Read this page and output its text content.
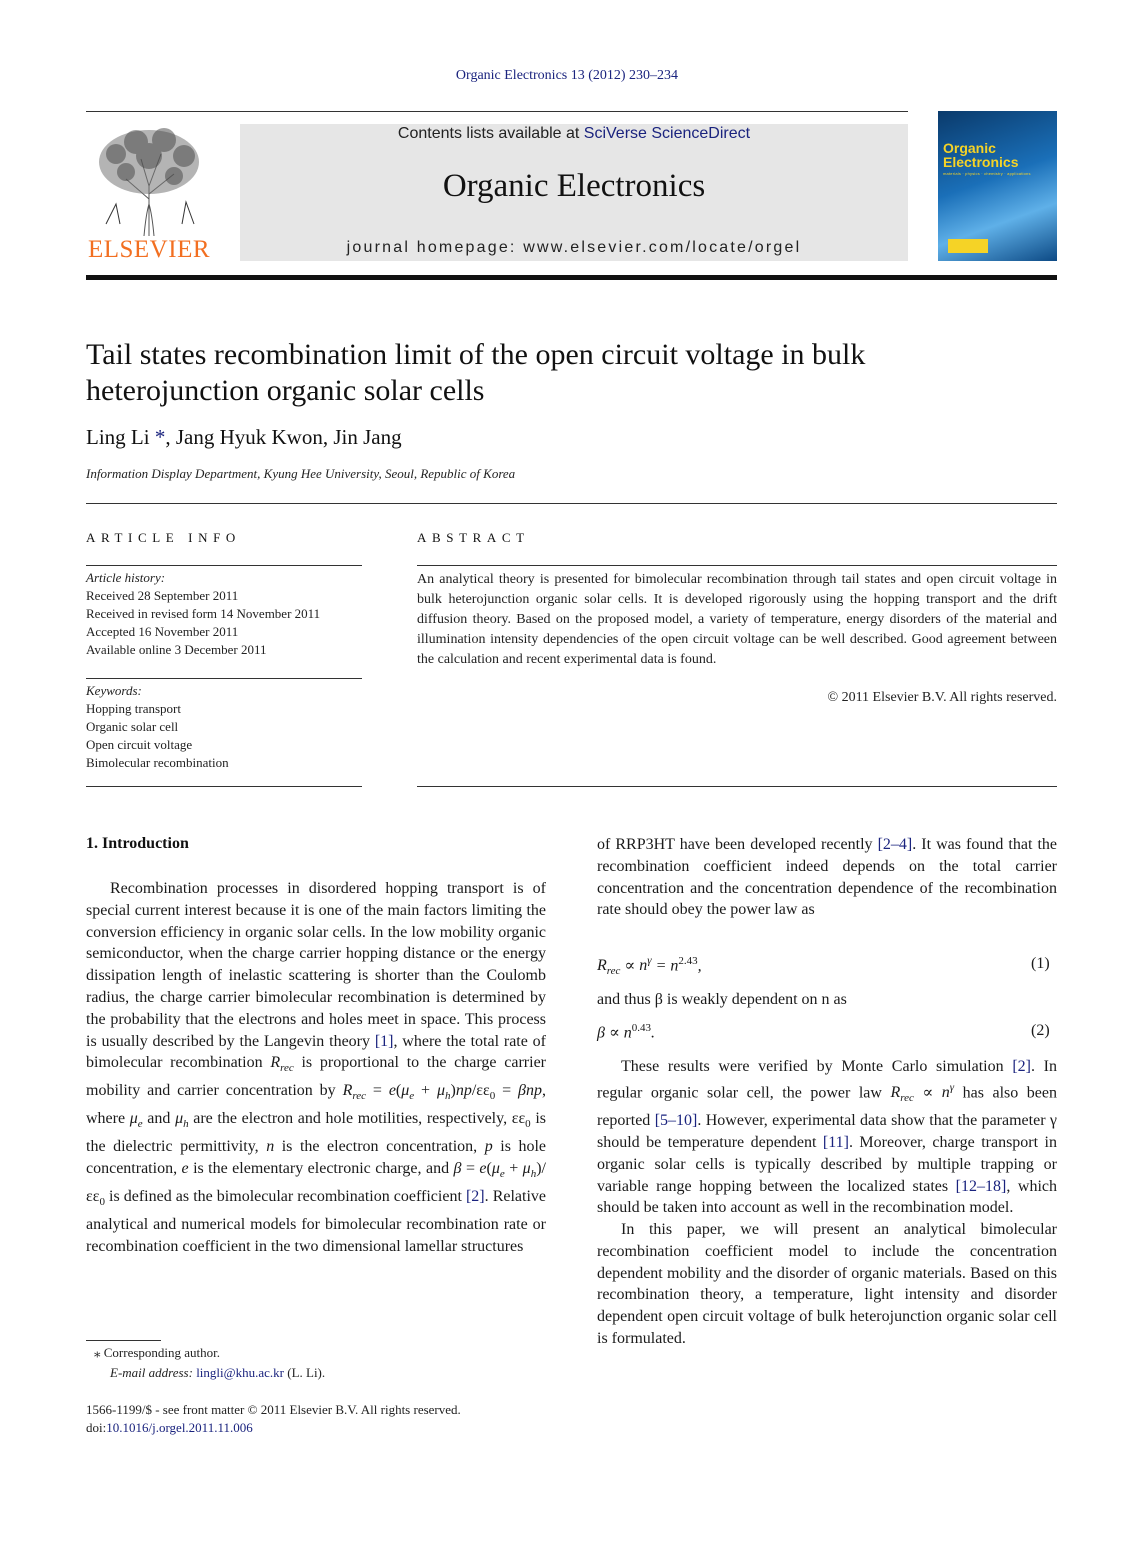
Organic Electronics 13 (2012) 230–234
ELSEVIER
Contents lists available at SciVerse ScienceDirect
Organic Electronics
journal homepage: www.elsevier.com/locate/orgel
Organic
Electronics
materials · physics · chemistry · applications
Tail states recombination limit of the open circuit voltage in bulk heterojunction organic solar cells
Ling Li *, Jang Hyuk Kwon, Jin Jang
Information Display Department, Kyung Hee University, Seoul, Republic of Korea
ARTICLE INFO
Article history:
Received 28 September 2011
Received in revised form 14 November 2011
Accepted 16 November 2011
Available online 3 December 2011
Keywords:
Hopping transport
Organic solar cell
Open circuit voltage
Bimolecular recombination
ABSTRACT
An analytical theory is presented for bimolecular recombination through tail states and open circuit voltage in bulk heterojunction organic solar cells. It is developed rigorously using the hopping transport and the drift diffusion theory. Based on the proposed model, a variety of temperature, energy disorders of the material and illumination intensity dependencies of the open circuit voltage can be well described. Good agreement between the calculation and recent experimental data is found.
© 2011 Elsevier B.V. All rights reserved.
1. Introduction

Recombination processes in disordered hopping transport is of special current interest because it is one of the main factors limiting the conversion efficiency in organic solar cells. In the low mobility organic semiconductor, when the charge carrier hopping distance or the energy dissipation length of inelastic scattering is shorter than the Coulomb radius, the charge carrier bimolecular recombination is determined by the probability that the electrons and holes meet in space. This process is usually described by the Langevin theory [1], where the total rate of bimolecular recombination $R_{rec}$ is proportional to the charge carrier mobility and carrier concentration by $R_{rec} = e(\mu_e + \mu_h)np/\varepsilon\varepsilon_0 = \beta np$, where $\mu_e$ and $\mu_h$ are the electron and hole motilities, respectively, $\varepsilon\varepsilon_0$ is the dielectric permittivity, n is the electron concentration, p is hole concentration, e is the elementary electronic charge, and $\beta = e(\mu_e + \mu_h)/\varepsilon\varepsilon_0$ is defined as the bimolecular recombination coefficient [2]. Relative analytical and numerical models for bimolecular recombination rate or recombination coefficient in the two dimensional lamellar structures

of RRP3HT have been developed recently [2–4]. It was found that the recombination coefficient indeed depends on the total carrier concentration and the concentration dependence of the recombination rate should obey the power law as

$R_{rec} \propto n^\gamma = n^{2.43}$,	(1)
and thus β is weakly dependent on n as
$\beta \propto n^{0.43}$.	(2)

These results were verified by Monte Carlo simulation [2]. In regular organic solar cell, the power law $R_{rec} \propto n^\gamma$ has also been reported [5–10]. However, experimental data show that the parameter γ should be temperature dependent [11]. Moreover, charge transport in organic solar cells is typically described by multiple trapping or variable range hopping between the localized states [12–18], which should be taken into account as well in the recombination model.

In this paper, we will present an analytical bimolecular recombination coefficient model to include the concentration dependent mobility and the disorder of organic materials. Based on this recombination theory, a temperature, light intensity and disorder dependent open circuit voltage of bulk heterojunction organic solar cell is formulated.

⁎ Corresponding author.
E-mail address: lingli@khu.ac.kr (L. Li).
1566-1199/$ - see front matter © 2011 Elsevier B.V. All rights reserved.
doi:10.1016/j.orgel.2011.11.006
